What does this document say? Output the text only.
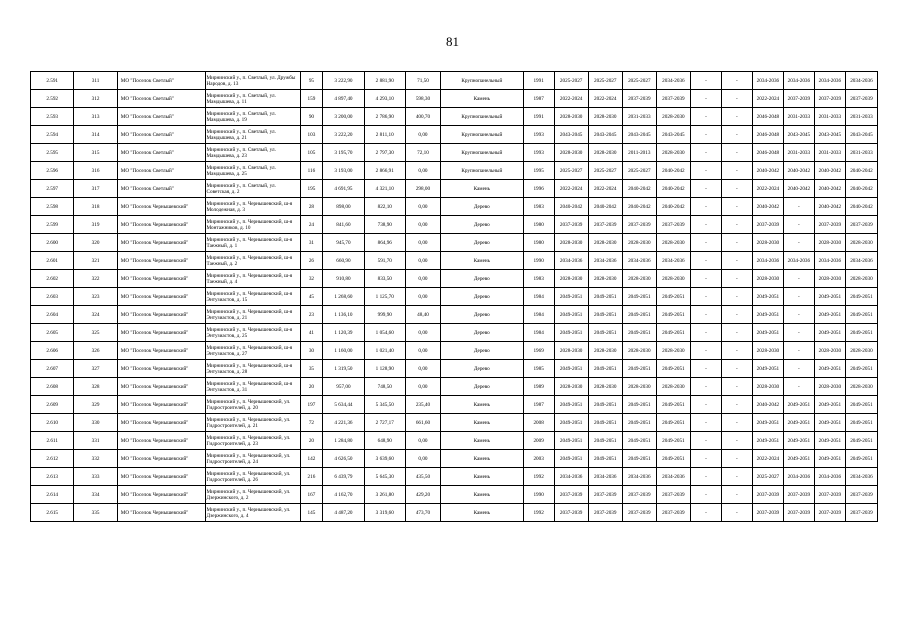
81
2.591	311	МО "Поселок Светлый"	Мирнинский у., п. Светлый, ул. Дружбы Народов, д. 13	95	3 222,90	2 881,90	71,50	Крупнопанельный	1991	2025-2027	2025-2027	2025-2027	2034-2036	-	-	2034-2036	2034-2036	2034-2036	2034-2036
2.592	312	МО "Поселок Светлый"	Мирнинский у., п. Светлый, ул. Мамдышева, д. 11	159	4 897,40	4 293,10	598,30	Камень	1987	2022-2024	2022-2024	2037-2039	2037-2039	-	-	2022-2024	2037-2039	2037-2039	2037-2039
2.593	313	МО "Поселок Светлый"	Мирнинский у., п. Светлый, ул. Мамдышева, д. 19	90	3 200,00	2 786,90	400,70	Крупнопанельный	1991	2028-2030	2028-2030	2031-2033	2028-2030	-	-	2046-2048	2031-2033	2031-2033	2031-2033
2.594	314	МО "Поселок Светлый"	Мирнинский у., п. Светлый, ул. Мамдышева, д. 21	103	3 222,20	2 811,10	0,00	Крупнопанельный	1993	2043-2045	2043-2045	2043-2045	2043-2045	-	-	2046-2048	2043-2045	2043-2045	2043-2045
2.595	315	МО "Поселок Светлый"	Мирнинский у., п. Светлый, ул. Мамдышева, д. 23	105	3 195,70	2 797,30	72,10	Крупнопанельный	1993	2028-2030	2028-2030	2011-2013	2028-2030	-	-	2046-2048	2031-2033	2031-2033	2031-2033
2.596	316	МО "Поселок Светлый"	Мирнинский у., п. Светлый, ул. Мамдышева, д. 25	116	3 193,00	2 866,91	0,00	Крупнопанельный	1995	2025-2027	2025-2027	2025-2027	2040-2042	-	-	2040-2042	2040-2042	2040-2042	2040-2042
2.597	317	МО "Поселок Светлый"	Мирнинский у., п. Светлый, ул. Советская, д. 2	195	4 691,95	4 321,10	298,00	Камень	1996	2022-2024	2022-2024	2040-2042	2040-2042	-	-	2022-2024	2040-2042	2040-2042	2040-2042
2.598	318	МО "Поселок Чернышевский"	Мирнинский у., п. Чернышевский, ш-я Молодежная, д. 3	28	898,00	822,10	0,00	Дерево	1983	2040-2042	2040-2042	2040-2042	2040-2042	-	-	2040-2042	-	2040-2042	2040-2042
2.599	319	МО "Поселок Чернышевский"	Мирнинский у., п. Чернышевский, ш-я Монтажников, д. 10	24	841,60	738,90	0,00	Дерево	1980	2037-2039	2037-2039	2037-2039	2037-2039	-	-	2037-2039	-	2037-2039	2037-2039
2.600	320	МО "Поселок Чернышевский"	Мирнинский у., п. Чернышевский, ш-я Таежный, д. 1	31	945,70	864,96	0,00	Дерево	1980	2028-2030	2028-2030	2028-2030	2028-2030	-	-	2028-2030	-	2028-2030	2028-2030
2.601	321	МО "Поселок Чернышевский"	Мирнинский у., п. Чернышевский, ш-я Таежный, д. 2	26	660,90	591,70	0,00	Камень	1990	2034-2036	2034-2036	2034-2036	2034-2036	-	-	2034-2036	2034-2036	2034-2036	2034-2036
2.602	322	МО "Поселок Чернышевский"	Мирнинский у., п. Чернышевский, ш-я Таежный, д. 4	32	910,80	833,50	0,00	Дерево	1983	2028-2030	2028-2030	2028-2030	2028-2030	-	-	2028-2030	-	2028-2030	2028-2030
2.603	323	МО "Поселок Чернышевский"	Мирнинский у., п. Чернышевский, ш-я Энтузиастов, д. 15	45	1 268,60	1 125,70	0,00	Дерево	1984	2049-2051	2049-2051	2049-2051	2049-2051	-	-	2049-2051	-	2049-2051	2049-2051
2.604	324	МО "Поселок Чернышевский"	Мирнинский у., п. Чернышевский, ш-я Энтузиастов, д. 21	23	1 136,10	999,90	48,40	Дерево	1984	2049-2051	2049-2051	2049-2051	2049-2051	-	-	2049-2051	-	2049-2051	2049-2051
2.605	325	МО "Поселок Чернышевский"	Мирнинский у., п. Чернышевский, ш-я Энтузиастов, д. 25	41	1 120,39	1 054,60	0,00	Дерево	1984	2049-2051	2049-2051	2049-2051	2049-2051	-	-	2049-2051	-	2049-2051	2049-2051
2.606	326	МО "Поселок Чернышевский"	Мирнинский у., п. Чернышевский, ш-я Энтузиастов, д. 27	30	1 160,00	1 021,40	0,00	Дерево	1969	2028-2030	2028-2030	2028-2030	2028-2030	-	-	2028-2030	-	2028-2030	2028-2030
2.607	327	МО "Поселок Чернышевский"	Мирнинский у., п. Чернышевский, ш-я Энтузиастов, д. 28	35	1 319,50	1 128,90	0,00	Дерево	1985	2049-2051	2049-2051	2049-2051	2049-2051	-	-	2049-2051	-	2049-2051	2049-2051
2.608	328	МО "Поселок Чернышевский"	Мирнинский у., п. Чернышевский, ш-я Энтузиастов, д. 31	20	957,00	748,50	0,00	Дерево	1989	2028-2030	2028-2030	2028-2030	2028-2030	-	-	2028-2030	-	2028-2030	2028-2030
2.609	329	МО "Поселок Чернышевский"	Мирнинский у., п. Чернышевский, ул. Гидростроителей, д. 20	197	5 634,44	5 345,50	235,40	Камень	1987	2049-2051	2049-2051	2049-2051	2049-2051	-	-	2040-2042	2049-2051	2049-2051	2049-2051
2.610	330	МО "Поселок Чернышевский"	Мирнинский у., п. Чернышевский, ул. Гидростроителей, д. 21	72	4 221,36	2 727,17	661,60	Камень	2008	2049-2051	2049-2051	2049-2051	2049-2051	-	-	2049-2051	2049-2051	2049-2051	2049-2051
2.611	331	МО "Поселок Чернышевский"	Мирнинский у., п. Чернышевский, ул. Гидростроителей, д. 23	20	1 284,80	648,90	0,00	Камень	2009	2049-2051	2049-2051	2049-2051	2049-2051	-	-	2049-2051	2049-2051	2049-2051	2049-2051
2.612	332	МО "Поселок Чернышевский"	Мирнинский у., п. Чернышевский, ул. Гидростроителей, д. 24	142	4 626,50	3 639,60	0,00	Камень	2003	2049-2051	2049-2051	2049-2051	2049-2051	-	-	2022-2024	2049-2051	2049-2051	2049-2051
2.613	333	МО "Поселок Чернышевский"	Мирнинский у., п. Чернышевский, ул. Гидростроителей, д. 26	216	6 439,79	5 645,30	435,50	Камень	1992	2034-2036	2034-2036	2034-2036	2034-2036	-	-	2025-2027	2034-2036	2034-2036	2034-2036
2.614	334	МО "Поселок Чернышевский"	Мирнинский у., п. Чернышевский, ул. Дзержинского, д. 2	167	4 162,70	3 261,80	429,20	Камень	1990	2037-2039	2037-2039	2037-2039	2037-2039	-	-	2037-2039	2037-2039	2037-2039	2037-2039
2.615	335	МО "Поселок Чернышевский"	Мирнинский у., п. Чернышевский, ул. Дзержинского, д. 4	145	4 487,20	3 319,60	473,70	Камень	1992	2037-2039	2037-2039	2037-2039	2037-2039	-	-	2037-2039	2037-2039	2037-2039	2037-2039
